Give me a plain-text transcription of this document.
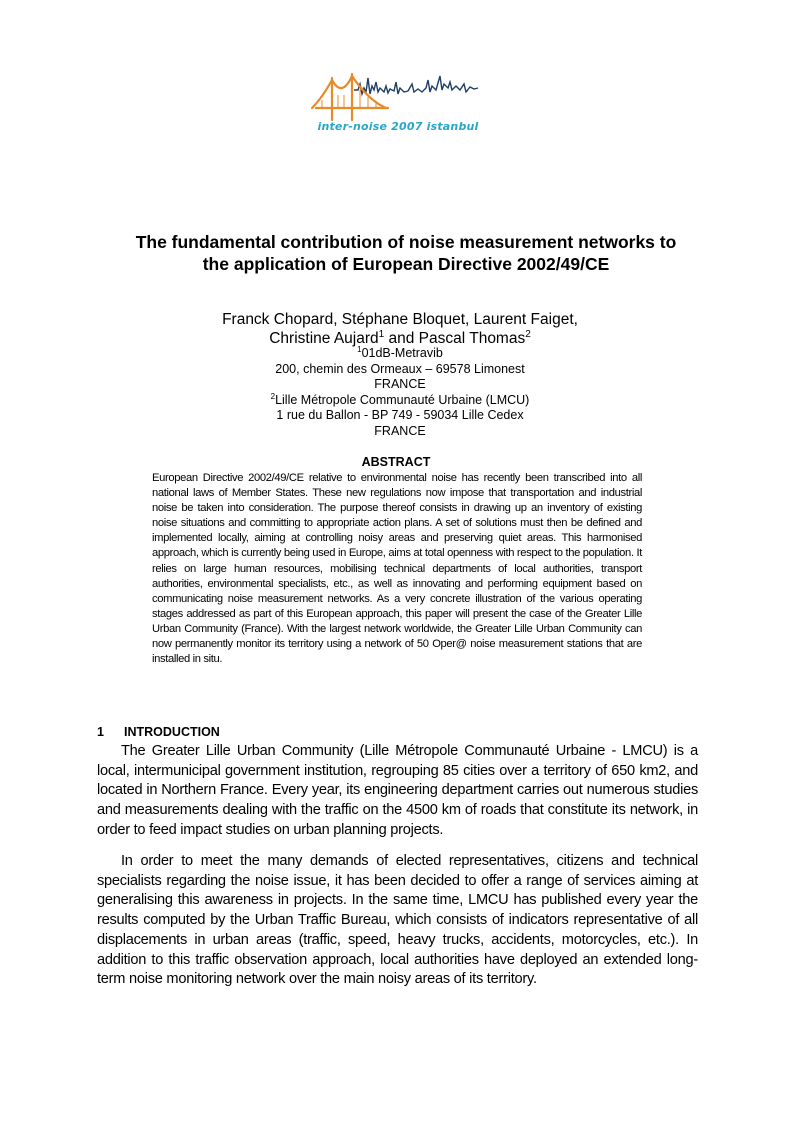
inter-noise 2007 istanbul
The fundamental contribution of noise measurement networks to
the application of European Directive 2002/49/CE
Franck Chopard, Stéphane Bloquet, Laurent Faiget,
Christine Aujard$^1$ and Pascal Thomas$^2$
$^1$01dB-Metravib
200, chemin des Ormeaux – 69578 Limonest
FRANCE
$^2$Lille Métropole Communauté Urbaine (LMCU)
1 rue du Ballon - BP 749 - 59034 Lille Cedex
FRANCE
ABSTRACT
European Directive 2002/49/CE relative to environmental noise has recently been transcribed into all national laws of Member States. These new regulations now impose that transportation and industrial noise be taken into consideration. The purpose thereof consists in drawing up an inventory of existing noise situations and committing to appropriate action plans. A set of solutions must then be defined and implemented locally, aiming at controlling noisy areas and preserving quiet areas. This harmonised approach, which is currently being used in Europe, aims at total openness with respect to the population. It relies on large human resources, mobilising technical departments of local authorities, transport authorities, environmental specialists, etc., as well as innovating and performing equipment based on communicating noise measurement networks. As a very concrete illustration of the various operating stages addressed as part of this European approach, this paper will present the case of the Greater Lille Urban Community (France). With the largest network worldwide, the Greater Lille Urban Community can now permanently monitor its territory using a network of 50 Oper@ noise measurement stations that are installed in situ.
1 INTRODUCTION
The Greater Lille Urban Community (Lille Métropole Communauté Urbaine - LMCU) is a local, intermunicipal government institution, regrouping 85 cities over a territory of 650 km2, and located in Northern France. Every year, its engineering department carries out numerous studies and measurements dealing with the traffic on the 4500 km of roads that constitute its network, in order to feed impact studies on urban planning projects.
In order to meet the many demands of elected representatives, citizens and technical specialists regarding the noise issue, it has been decided to offer a range of services aiming at generalising this awareness in projects. In the same time, LMCU has published every year the results computed by the Urban Traffic Bureau, which consists of indicators representative of all displacements in urban areas (traffic, speed, heavy trucks, accidents, motorcycles, etc.). In addition to this traffic observation approach, local authorities have deployed an extended long-term noise monitoring network over the main noisy areas of its territory.
